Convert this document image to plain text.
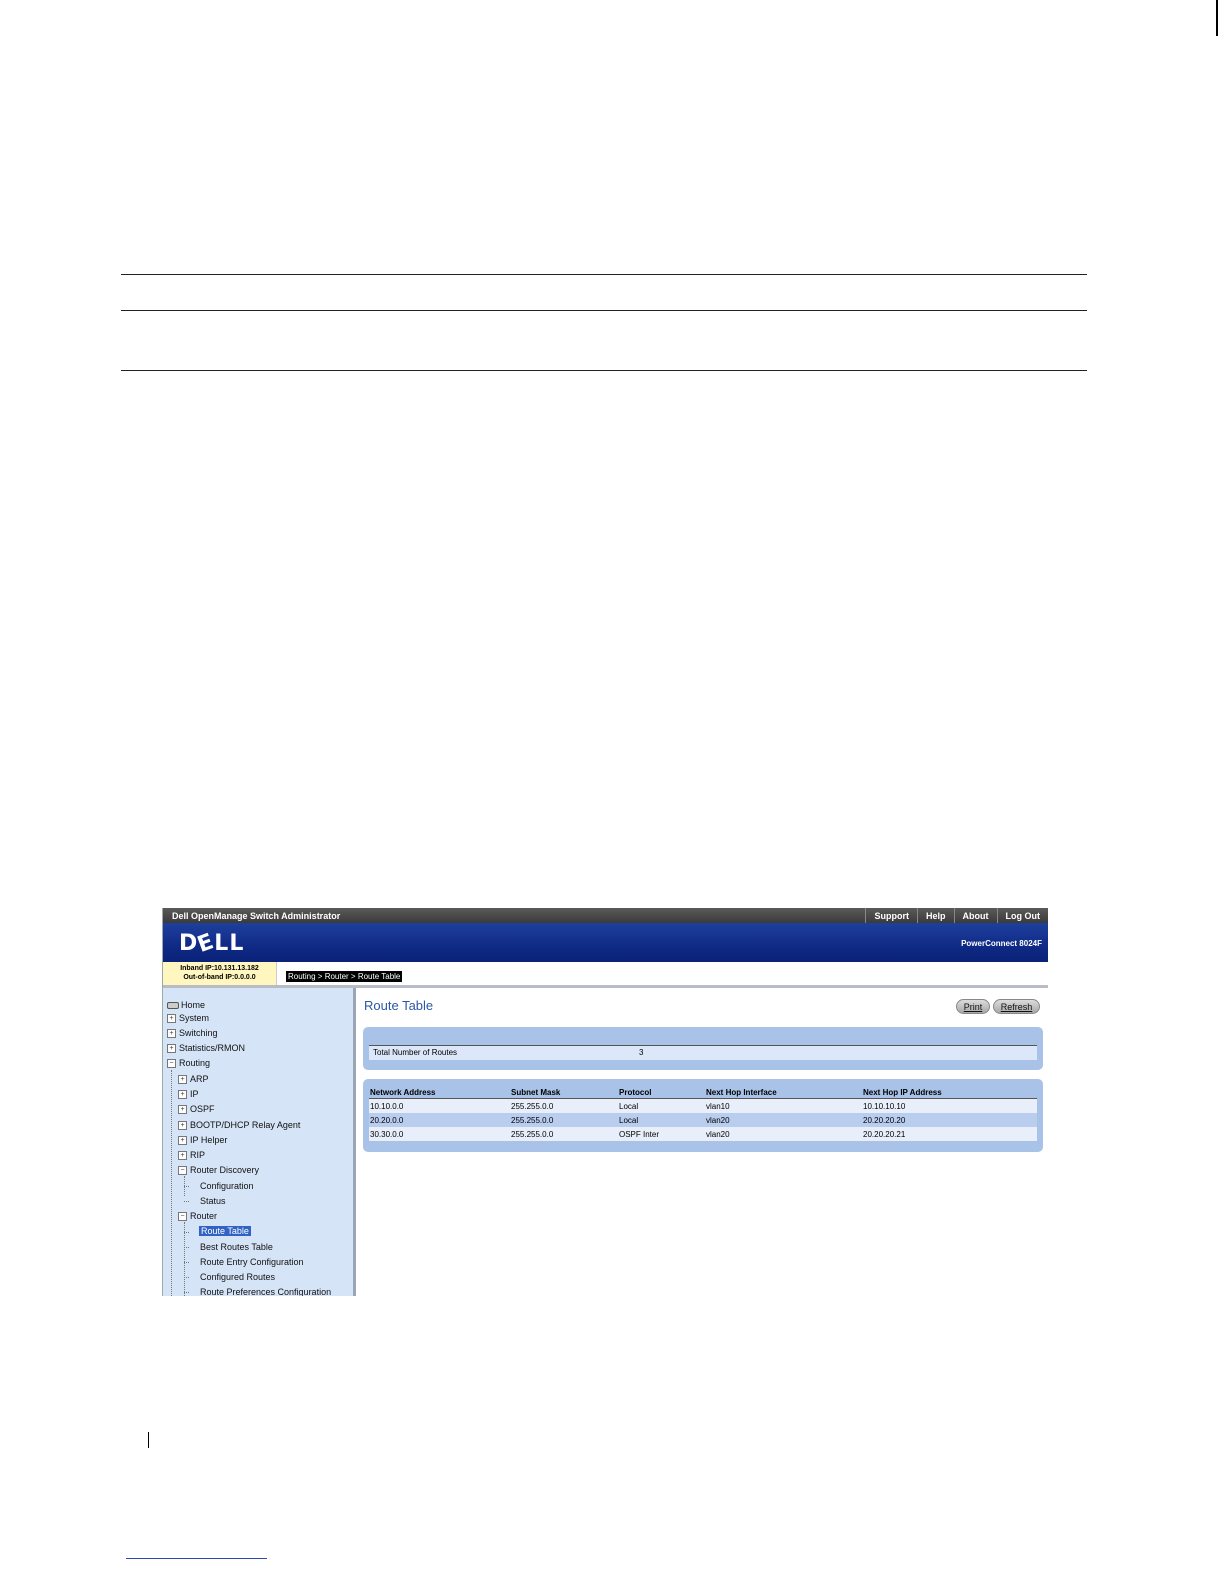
Dell OpenManage Switch Administrator	Support	Help	About	Log Out
DELL	PowerConnect 8024F
Inband IP:10.131.13.182
Out-of-band IP:0.0.0.0	Routing > Router > Route Table
Home
+ System
+ Switching
+ Statistics/RMON
− Routing
+ ARP
+ IP
+ OSPF
+ BOOTP/DHCP Relay Agent
+ IP Helper
+ RIP
− Router Discovery
Configuration
Status
− Router
Route Table
Best Routes Table
Route Entry Configuration
Configured Routes
Route Preferences Configuration
Route Table	Print	Refresh
Total Number of Routes	3
Network Address	Subnet Mask	Protocol	Next Hop Interface	Next Hop IP Address
10.10.0.0	255.255.0.0	Local	vlan10	10.10.10.10
20.20.0.0	255.255.0.0	Local	vlan20	20.20.20.20
30.30.0.0	255.255.0.0	OSPF Inter	vlan20	20.20.20.21
